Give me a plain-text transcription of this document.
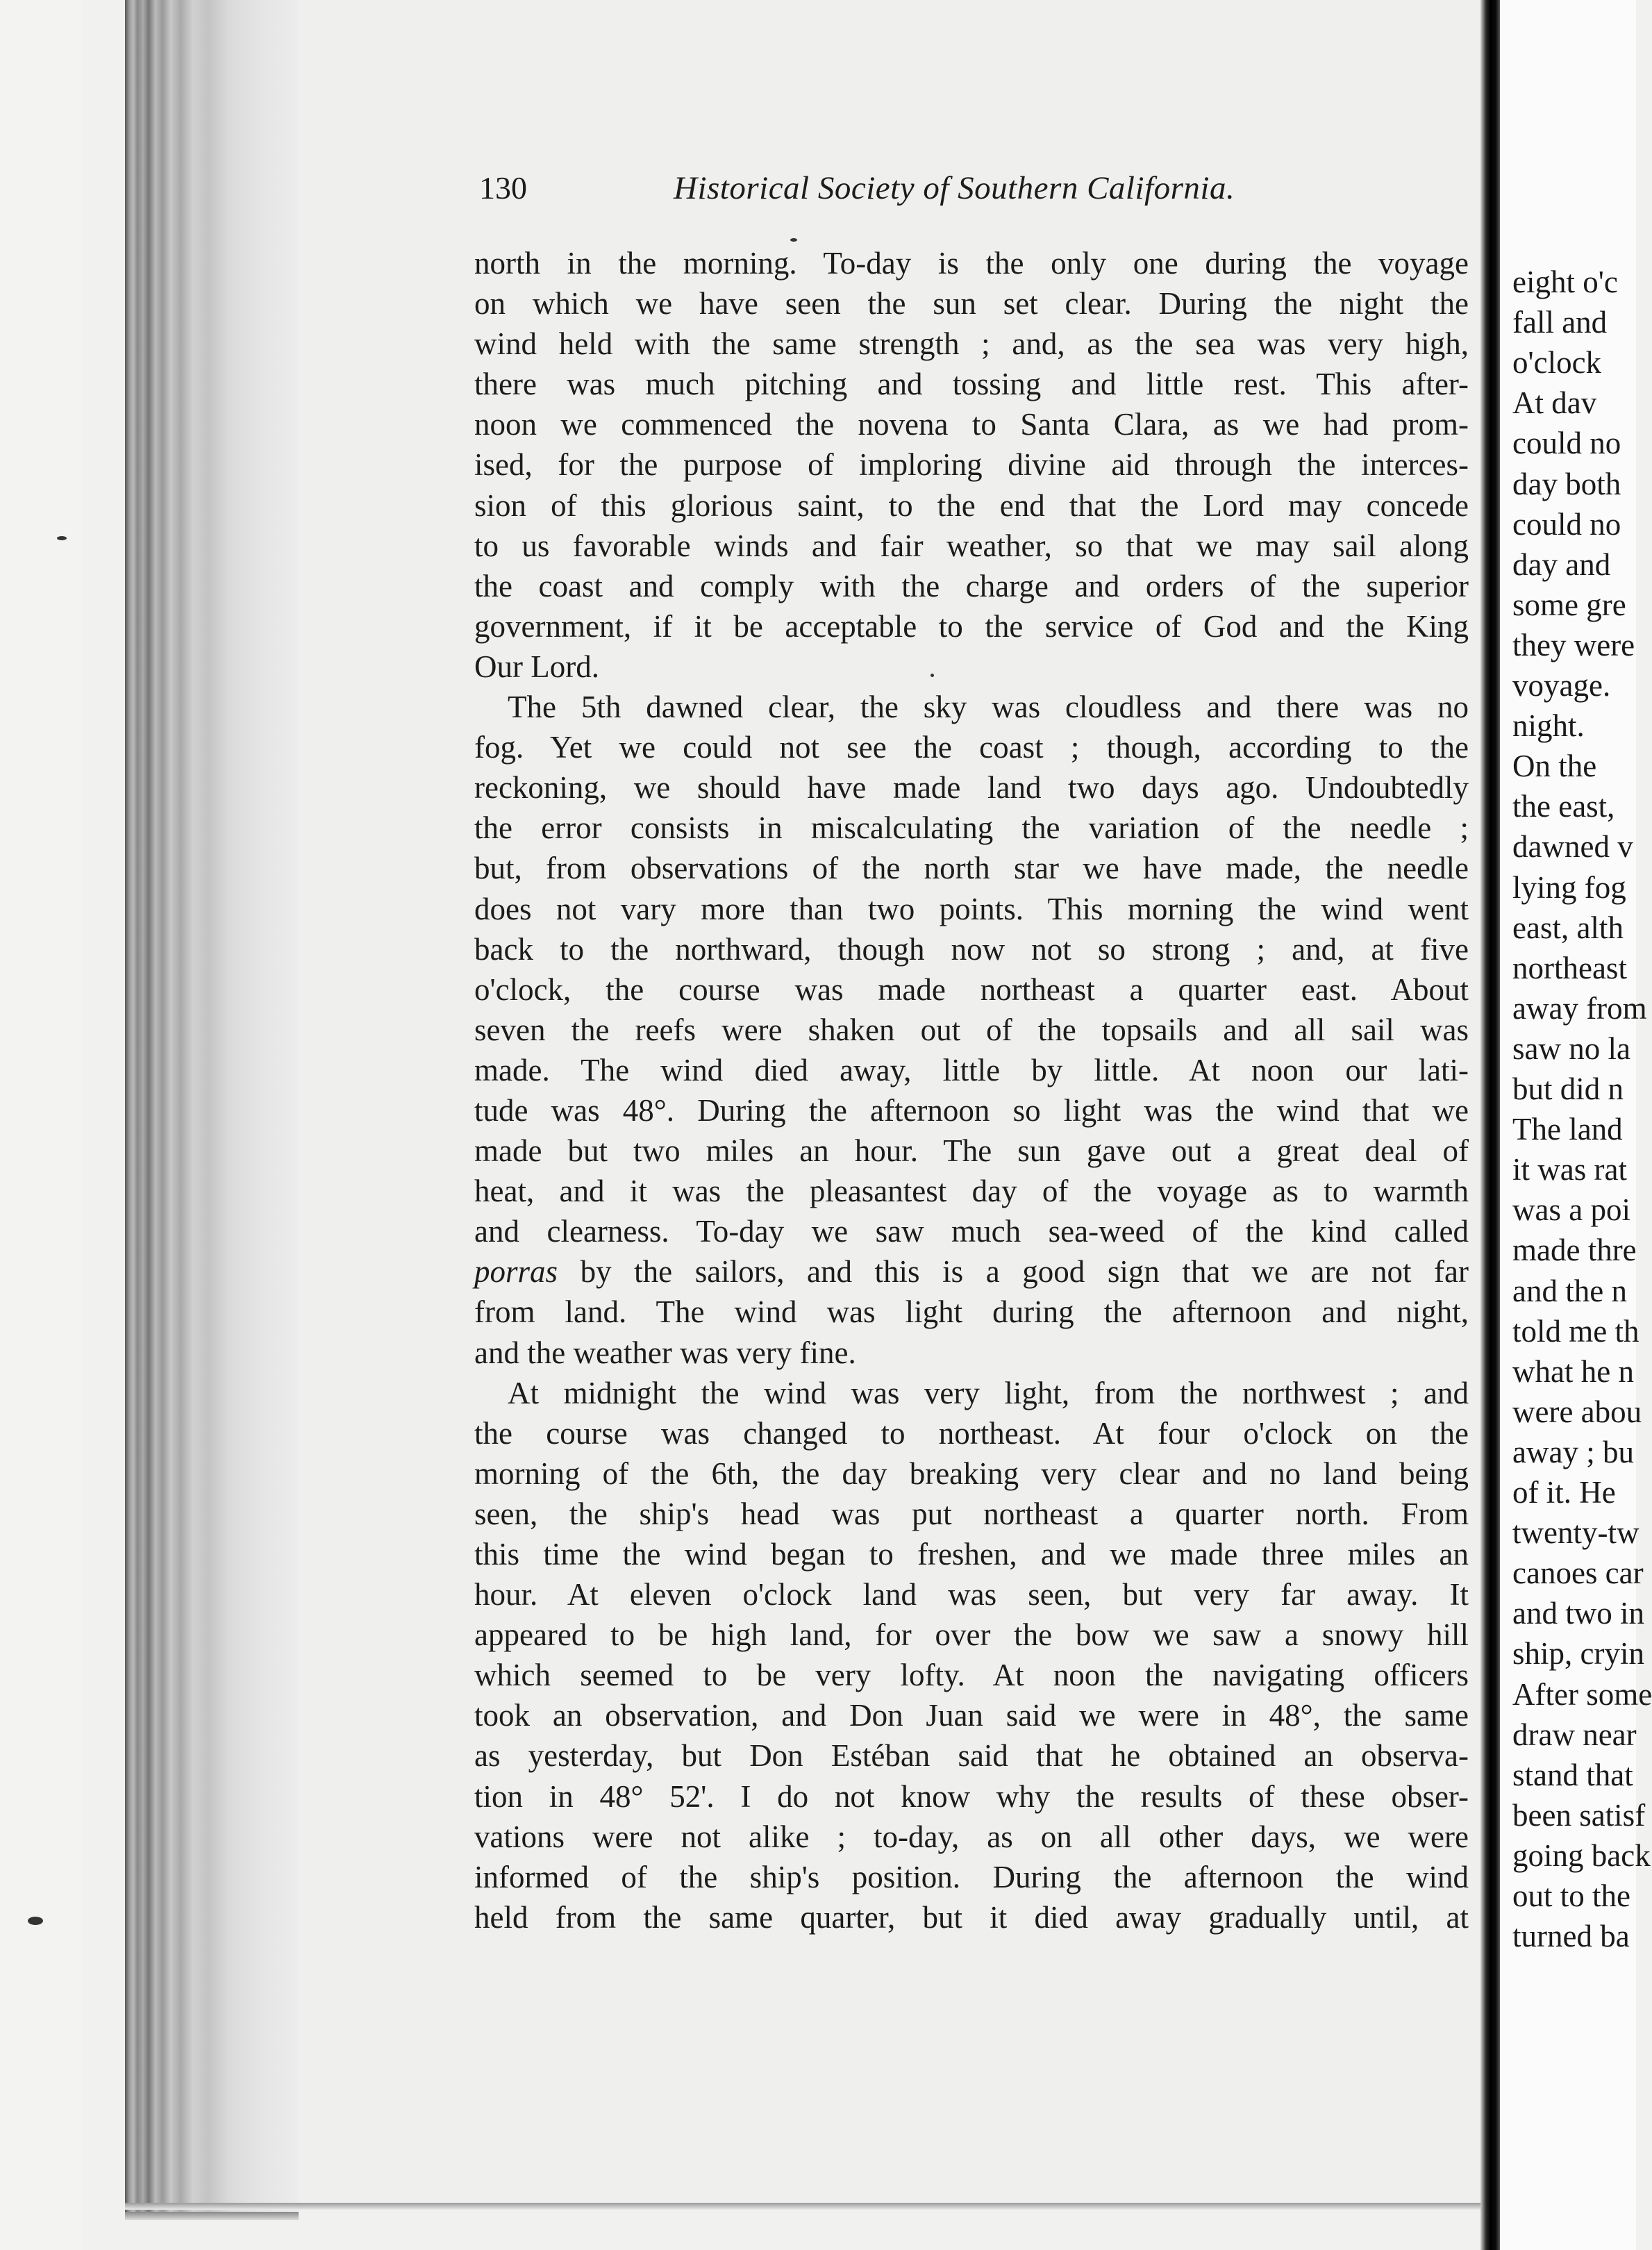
130	Historical Society of Southern California.
north in the morning. To-day is the only one during the voyage
on which we have seen the sun set clear. During the night the
wind held with the same strength ; and, as the sea was very high,
there was much pitching and tossing and little rest. This after-
noon we commenced the novena to Santa Clara, as we had prom-
ised, for the purpose of imploring divine aid through the interces-
sion of this glorious saint, to the end that the Lord may concede
to us favorable winds and fair weather, so that we may sail along
the coast and comply with the charge and orders of the superior
government, if it be acceptable to the service of God and the King
Our Lord.
The 5th dawned clear, the sky was cloudless and there was no
fog. Yet we could not see the coast ; though, according to the
reckoning, we should have made land two days ago. Undoubtedly
the error consists in miscalculating the variation of the needle ;
but, from observations of the north star we have made, the needle
does not vary more than two points. This morning the wind went
back to the northward, though now not so strong ; and, at five
o'clock, the course was made northeast a quarter east. About
seven the reefs were shaken out of the topsails and all sail was
made. The wind died away, little by little. At noon our lati-
tude was 48°. During the afternoon so light was the wind that we
made but two miles an hour. The sun gave out a great deal of
heat, and it was the pleasantest day of the voyage as to warmth
and clearness. To-day we saw much sea-weed of the kind called
porras by the sailors, and this is a good sign that we are not far
from land. The wind was light during the afternoon and night,
and the weather was very fine.
At midnight the wind was very light, from the northwest ; and
the course was changed to northeast. At four o'clock on the
morning of the 6th, the day breaking very clear and no land being
seen, the ship's head was put northeast a quarter north. From
this time the wind began to freshen, and we made three miles an
hour. At eleven o'clock land was seen, but very far away. It
appeared to be high land, for over the bow we saw a snowy hill
which seemed to be very lofty. At noon the navigating officers
took an observation, and Don Juan said we were in 48°, the same
as yesterday, but Don Estéban said that he obtained an observa-
tion in 48° 52'. I do not know why the results of these obser-
vations were not alike ; to-day, as on all other days, we were
informed of the ship's position. During the afternoon the wind
held from the same quarter, but it died away gradually until, at
eight o'c
fall and
o'clock
At dav
could no
day both
could no
day and
some gre
they were
voyage.
night.
On the
the east,
dawned v
lying fog
east, alth
northeast
away from
saw no la
but did n
The land
it was rat
was a poi
made thre
and the n
told me th
what he n
were abou
away ; bu
of it. He
twenty-tw
canoes car
and two in
ship, cryin
After some
draw near
stand that
been satisf
going back
out to the
turned ba
